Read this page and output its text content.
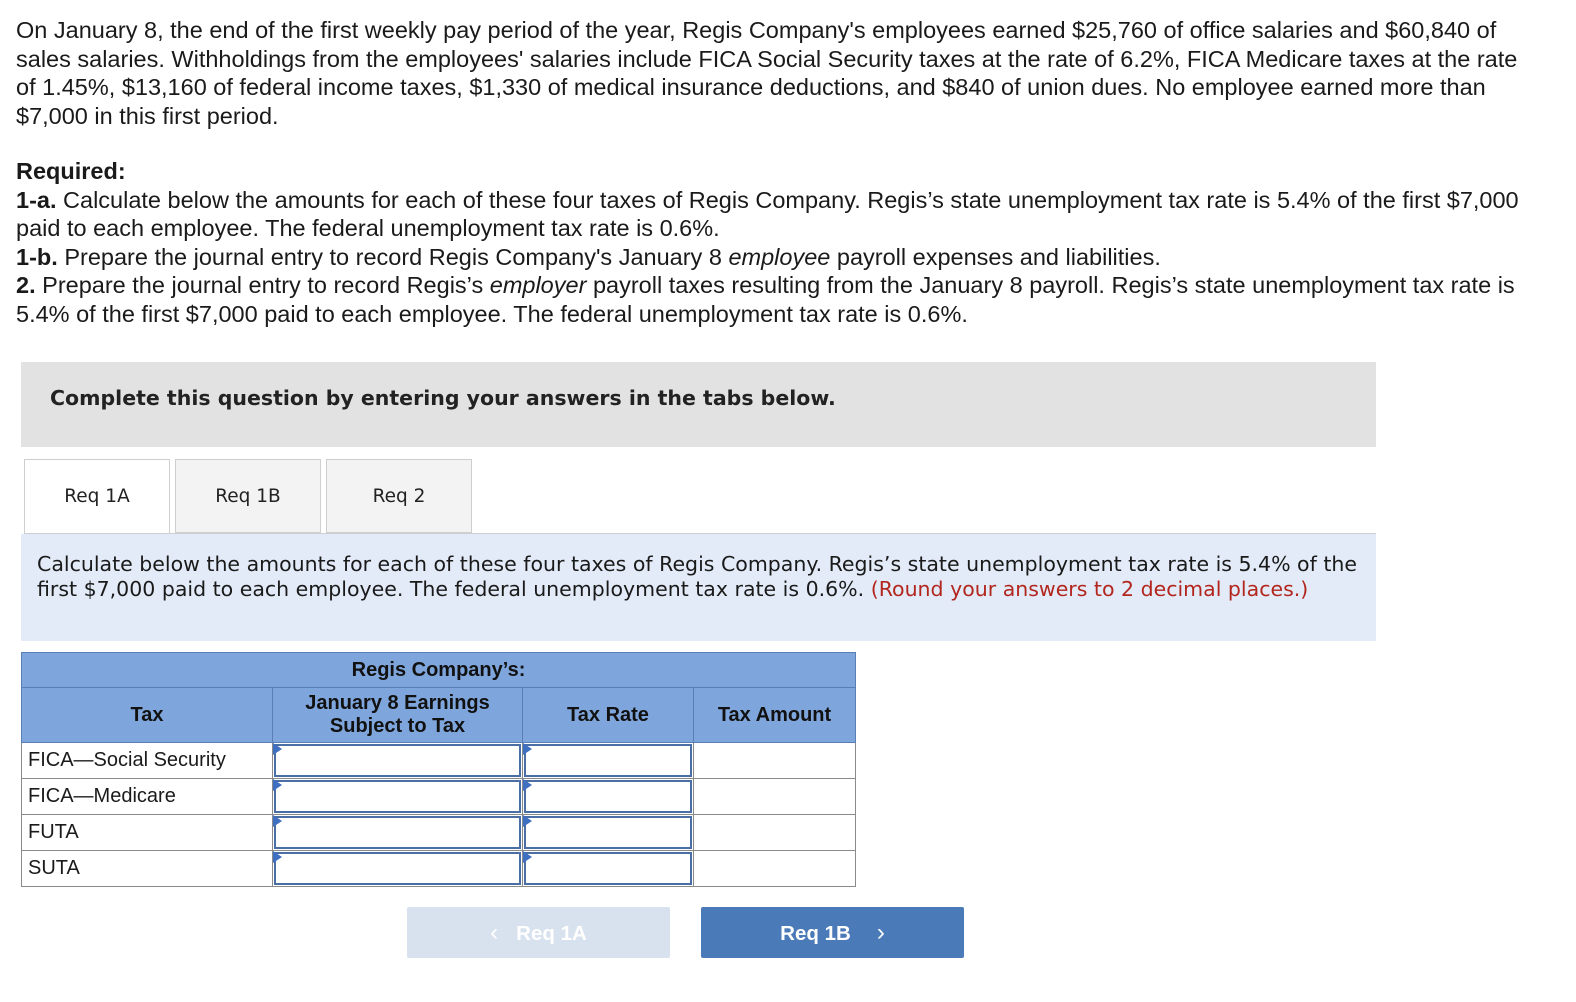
On January 8, the end of the first weekly pay period of the year, Regis Company's employees earned $25,760 of office salaries and $60,840 of sales salaries. Withholdings from the employees' salaries include FICA Social Security taxes at the rate of 6.2%, FICA Medicare taxes at the rate of 1.45%, $13,160 of federal income taxes, $1,330 of medical insurance deductions, and $840 of union dues. No employee earned more than $7,000 in this first period.

Required:

1-a. Calculate below the amounts for each of these four taxes of Regis Company. Regis’s state unemployment tax rate is 5.4% of the first $7,000 paid to each employee. The federal unemployment tax rate is 0.6%.

1-b. Prepare the journal entry to record Regis Company's January 8 employee payroll expenses and liabilities.

2. Prepare the journal entry to record Regis’s employer payroll taxes resulting from the January 8 payroll. Regis’s state unemployment tax rate is 5.4% of the first $7,000 paid to each employee. The federal unemployment tax rate is 0.6%.

Complete this question by entering your answers in the tabs below.
Req 1A	Req 1B	Req 2

Calculate below the amounts for each of these four taxes of Regis Company. Regis’s state unemployment tax rate is 5.4% of the first $7,000 paid to each employee. The federal unemployment tax rate is 0.6%. (Round your answers to 2 decimal places.)

Regis Company’s:			
Tax	January 8 Earnings Subject to Tax	Tax Rate	Tax Amount
FICA—Social Security	

FICA—Medicare	

FUTA	

SUTA	

‹ Req 1A	Req 1B ›
